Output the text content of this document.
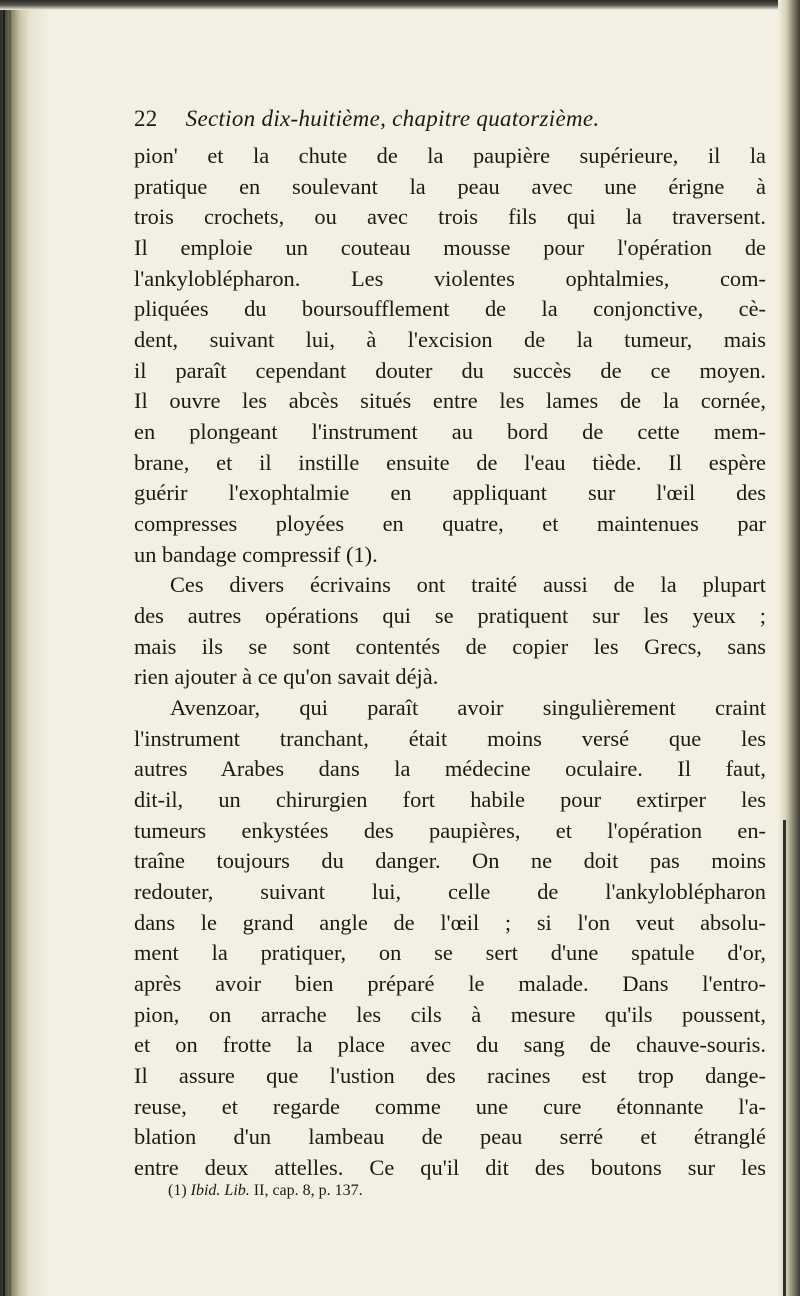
22 Section dix-huitième, chapitre quatorzième.
pion' et la chute de la paupière supérieure, il la
pratique en soulevant la peau avec une érigne à
trois crochets, ou avec trois fils qui la traversent.
Il emploie un couteau mousse pour l'opération de
l'ankyloblépharon. Les violentes ophtalmies, com-
pliquées du boursoufflement de la conjonctive, cè-
dent, suivant lui, à l'excision de la tumeur, mais
il paraît cependant douter du succès de ce moyen.
Il ouvre les abcès situés entre les lames de la cornée,
en plongeant l'instrument au bord de cette mem-
brane, et il instille ensuite de l'eau tiède. Il espère
guérir l'exophtalmie en appliquant sur l'œil des
compresses ployées en quatre, et maintenues par
un bandage compressif (1).
Ces divers écrivains ont traité aussi de la plupart
des autres opérations qui se pratiquent sur les yeux ;
mais ils se sont contentés de copier les Grecs, sans
rien ajouter à ce qu'on savait déjà.
Avenzoar, qui paraît avoir singulièrement craint
l'instrument tranchant, était moins versé que les
autres Arabes dans la médecine oculaire. Il faut,
dit-il, un chirurgien fort habile pour extirper les
tumeurs enkystées des paupières, et l'opération en-
traîne toujours du danger. On ne doit pas moins
redouter, suivant lui, celle de l'ankyloblépharon
dans le grand angle de l'œil ; si l'on veut absolu-
ment la pratiquer, on se sert d'une spatule d'or,
après avoir bien préparé le malade. Dans l'entro-
pion, on arrache les cils à mesure qu'ils poussent,
et on frotte la place avec du sang de chauve-souris.
Il assure que l'ustion des racines est trop dange-
reuse, et regarde comme une cure étonnante l'a-
blation d'un lambeau de peau serré et étranglé
entre deux attelles. Ce qu'il dit des boutons sur les
(1) Ibid. Lib. II, cap. 8, p. 137.
